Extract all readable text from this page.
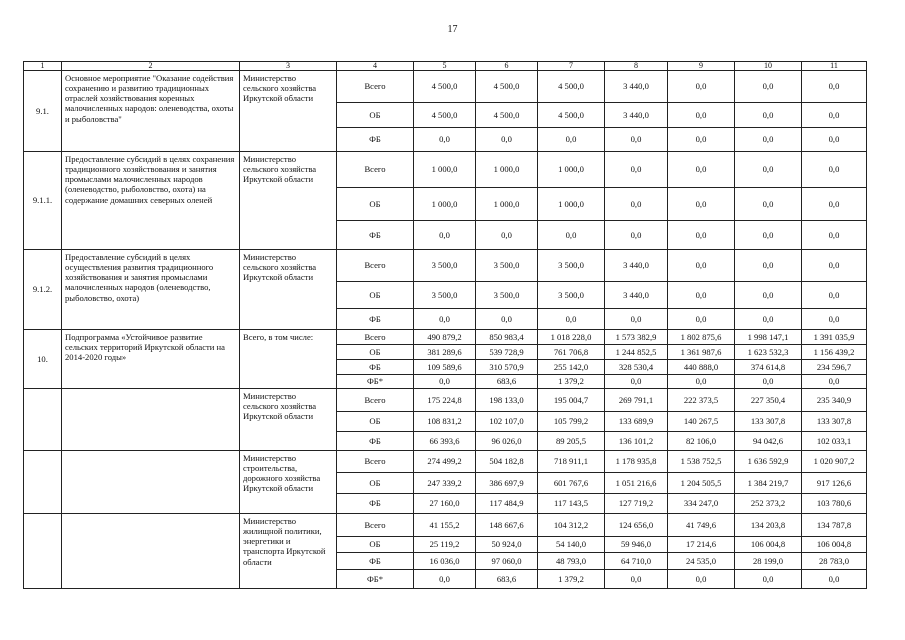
17
1	2	3	4	5	6	7	8	9	10	11
9.1.	Основное мероприятие "Оказание содействия сохранению и развитию традиционных отраслей хозяйствования коренных малочисленных народов: оленеводства, охоты и рыболовства"	Министерство сельского хозяйства Иркутской области	Всего	4 500,0	4 500,0	4 500,0	3 440,0	0,0	0,0	0,0
			ОБ	4 500,0	4 500,0	4 500,0	3 440,0	0,0	0,0	0,0
			ФБ	0,0	0,0	0,0	0,0	0,0	0,0	0,0
9.1.1.	Предоставление субсидий в целях сохранения традиционного хозяйствования и занятия промыслами малочисленных народов (оленеводство, рыболовство, охота) на содержание домашних северных оленей	Министерство сельского хозяйства Иркутской области	Всего	1 000,0	1 000,0	1 000,0	0,0	0,0	0,0	0,0
			ОБ	1 000,0	1 000,0	1 000,0	0,0	0,0	0,0	0,0
			ФБ	0,0	0,0	0,0	0,0	0,0	0,0	0,0
9.1.2.	Предоставление субсидий в целях осуществления развития традиционного хозяйствования и занятия промыслами малочисленных народов (оленеводство, рыболовство, охота)	Министерство сельского хозяйства Иркутской области	Всего	3 500,0	3 500,0	3 500,0	3 440,0	0,0	0,0	0,0
			ОБ	3 500,0	3 500,0	3 500,0	3 440,0	0,0	0,0	0,0
			ФБ	0,0	0,0	0,0	0,0	0,0	0,0	0,0
10.	Подпрограмма «Устойчивое развитие сельских территорий Иркутской области на 2014-2020 годы»	Всего, в том числе:	Всего	490 879,2	850 983,4	1 018 228,0	1 573 382,9	1 802 875,6	1 998 147,1	1 391 035,9
			ОБ	381 289,6	539 728,9	761 706,8	1 244 852,5	1 361 987,6	1 623 532,3	1 156 439,2
			ФБ	109 589,6	310 570,9	255 142,0	328 530,4	440 888,0	374 614,8	234 596,7
			ФБ*	0,0	683,6	1 379,2	0,0	0,0	0,0	0,0
		Министерство сельского хозяйства Иркутской области	Всего	175 224,8	198 133,0	195 004,7	269 791,1	222 373,5	227 350,4	235 340,9
			ОБ	108 831,2	102 107,0	105 799,2	133 689,9	140 267,5	133 307,8	133 307,8
			ФБ	66 393,6	96 026,0	89 205,5	136 101,2	82 106,0	94 042,6	102 033,1
		Министерство строительства, дорожного хозяйства Иркутской области	Всего	274 499,2	504 182,8	718 911,1	1 178 935,8	1 538 752,5	1 636 592,9	1 020 907,2
			ОБ	247 339,2	386 697,9	601 767,6	1 051 216,6	1 204 505,5	1 384 219,7	917 126,6
			ФБ	27 160,0	117 484,9	117 143,5	127 719,2	334 247,0	252 373,2	103 780,6
		Министерство жилищной политики, энергетики и транспорта Иркутской области	Всего	41 155,2	148 667,6	104 312,2	124 656,0	41 749,6	134 203,8	134 787,8
			ОБ	25 119,2	50 924,0	54 140,0	59 946,0	17 214,6	106 004,8	106 004,8
			ФБ	16 036,0	97 060,0	48 793,0	64 710,0	24 535,0	28 199,0	28 783,0
			ФБ*	0,0	683,6	1 379,2	0,0	0,0	0,0	0,0
